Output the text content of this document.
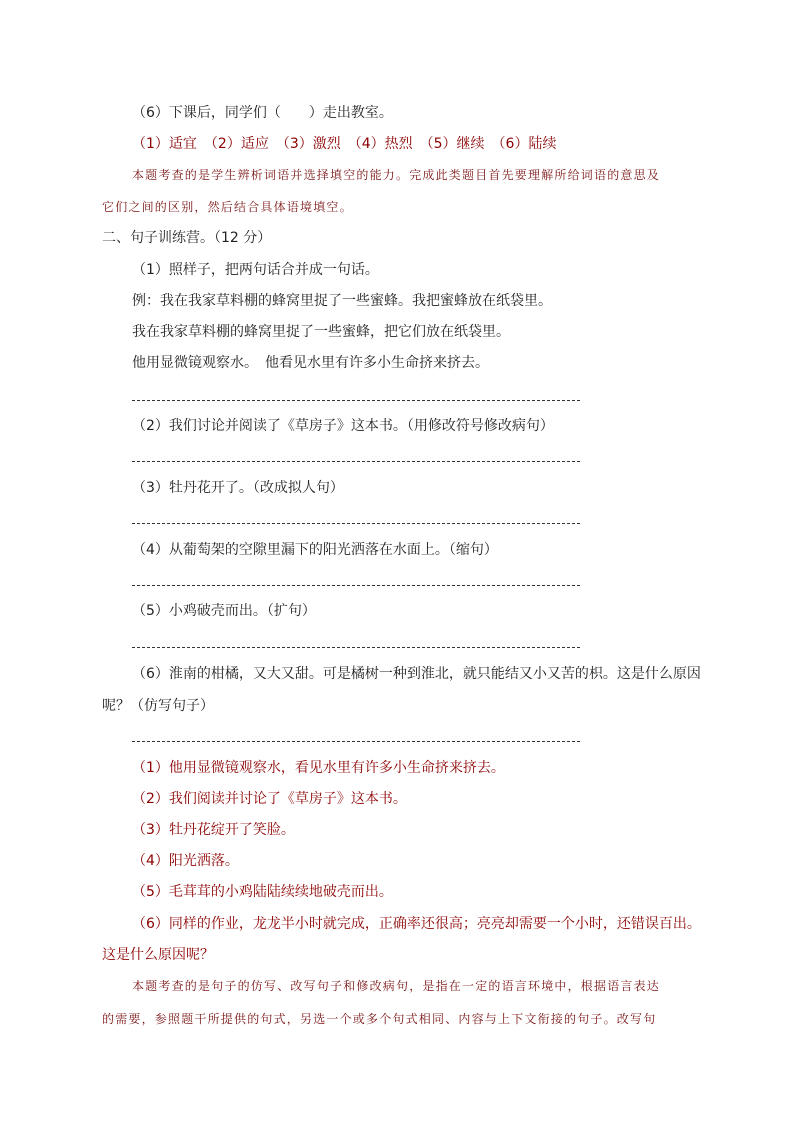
（6）下课后，同学们（　　）走出教室。
（1）适宜　（2）适应　（3）激烈　（4）热烈　（5）继续　（6）陆续
本题考查的是学生辨析词语并选择填空的能力。完成此类题目首先要理解所给词语的意思及
它们之间的区别，然后结合具体语境填空。
二、句子训练营。（12 分）
（1）照样子，把两句话合并成一句话。
例：我在我家草料棚的蜂窝里捉了一些蜜蜂。我把蜜蜂放在纸袋里。
我在我家草料棚的蜂窝里捉了一些蜜蜂，把它们放在纸袋里。
他用显微镜观察水。　他看见水里有许多小生命挤来挤去。
（2）我们讨论并阅读了《草房子》这本书。（用修改符号修改病句）
（3）牡丹花开了。（改成拟人句）
（4）从葡萄架的空隙里漏下的阳光洒落在水面上。（缩句）
（5）小鸡破壳而出。（扩句）
（6）淮南的柑橘，又大又甜。可是橘树一种到淮北，就只能结又小又苦的枳。这是什么原因
呢？（仿写句子）
（1）他用显微镜观察水，看见水里有许多小生命挤来挤去。
（2）我们阅读并讨论了《草房子》这本书。
（3）牡丹花绽开了笑脸。
（4）阳光洒落。
（5）毛茸茸的小鸡陆陆续续地破壳而出。
（6）同样的作业，龙龙半小时就完成，正确率还很高；亮亮却需要一个小时，还错误百出。
这是什么原因呢？
本题考查的是句子的仿写、改写句子和修改病句，是指在一定的语言环境中，根据语言表达
的需要，参照题干所提供的句式，另选一个或多个句式相同、内容与上下文衔接的句子。改写句
